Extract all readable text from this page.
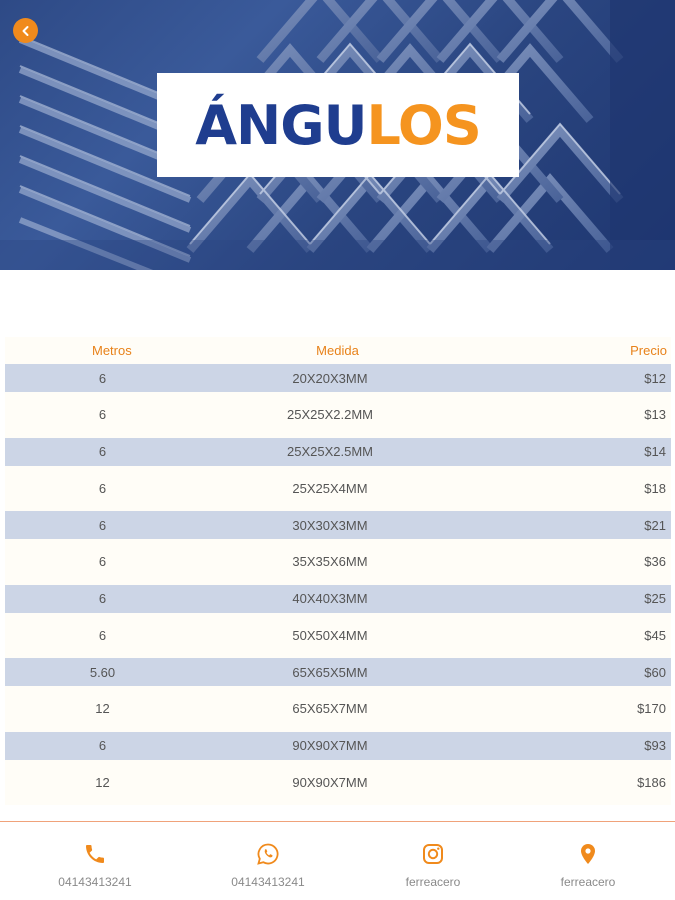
ÁNGULOS
Metros	Medida	Precio
6	20X20X3MM	$12
6	25X25X2.2MM	$13
6	25X25X2.5MM	$14
6	25X25X4MM	$18
6	30X30X3MM	$21
6	35X35X6MM	$36
6	40X40X3MM	$25
6	50X50X4MM	$45
5.60	65X65X5MM	$60
12	65X65X7MM	$170
6	90X90X7MM	$93
12	90X90X7MM	$186
04143413241	04143413241	ferreacero	ferreacero
